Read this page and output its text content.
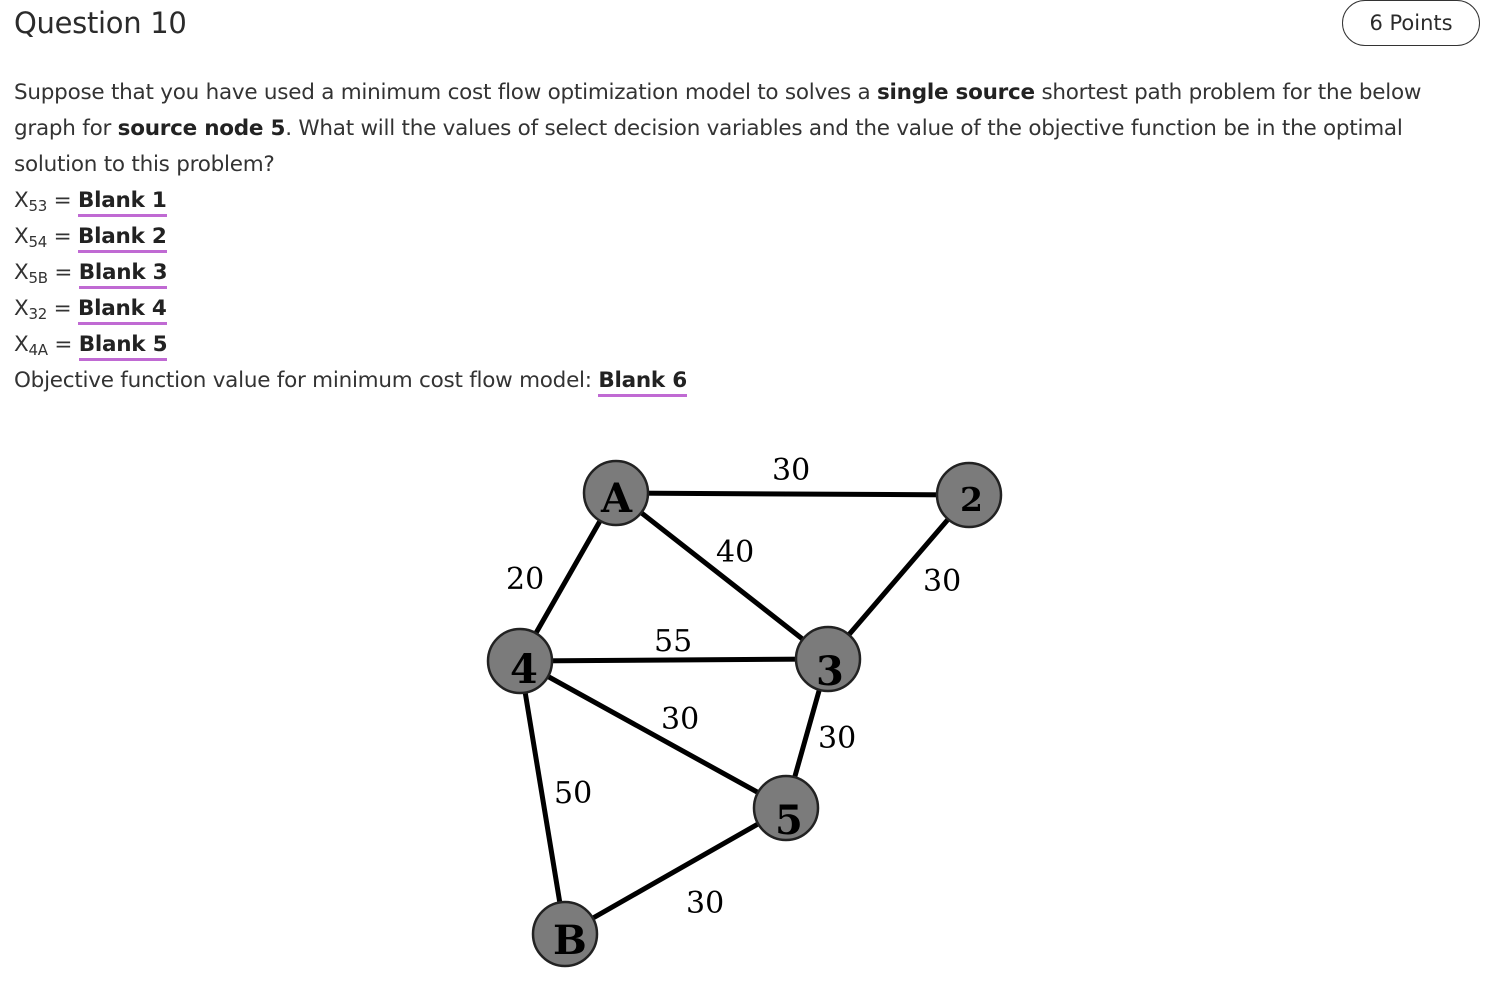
Question 10	6 Points

Suppose that you have used a minimum cost flow optimization model to solves a single source shortest path problem for the below graph for source node 5. What will the values of select decision variables and the value of the objective function be in the optimal solution to this problem?

$X_{53}$ = Blank 1
$X_{54}$ = Blank 2
$X_{5B}$ = Blank 3
$X_{32}$ = Blank 4
$X_{4A}$ = Blank 5
Objective function value for minimum cost flow model: Blank 6
30
40
20	30
55
30
30
50
30
A	2
4	3
5
B
